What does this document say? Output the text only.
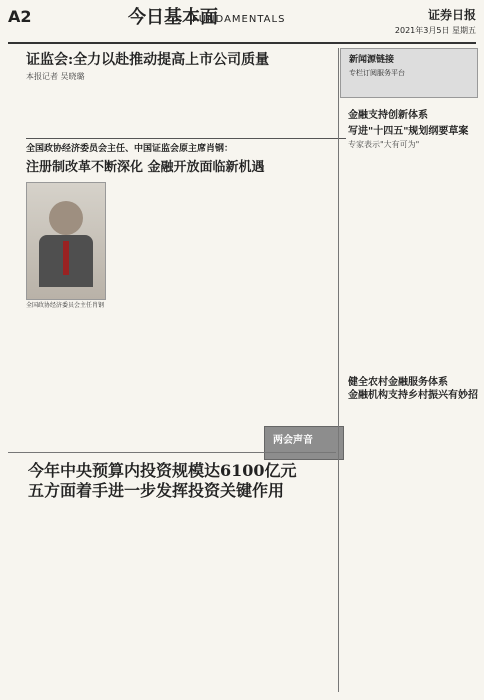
A2	今日基本面
FUNDAMENTALS	证券日报
2021年3月5日 星期五
证监会:全力以赴推动提高上市公司质量
本报记者 吴晓璐
新闻源链接
专栏订阅服务平台
全国政协经济委员会主任、中国证监会原主席肖钢：
注册制改革不断深化 金融开放面临新机遇
全国政协经济委员会主任肖钢
金融支持创新体系
写进"十四五"规划纲要草案
专家表示"大有可为"
健全农村金融服务体系
金融机构支持乡村振兴有妙招
两会声音
今年中央预算内投资规模达6100亿元
五方面着手进一步发挥投资关键作用
